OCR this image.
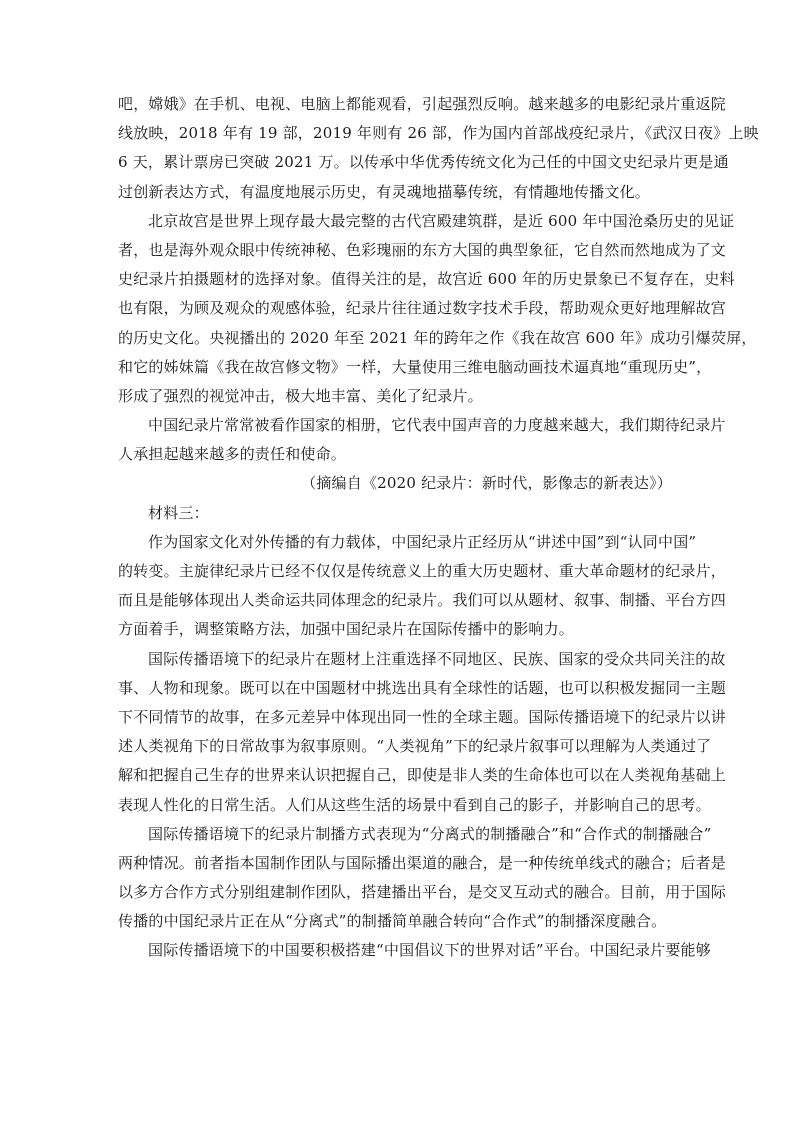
吧，嫦娥》在手机、电视、电脑上都能观看，引起强烈反响。越来越多的电影纪录片重返院

线放映，2018 年有 19 部，2019 年则有 26 部，作为国内首部战疫纪录片，《武汉日夜》上映

6 天，累计票房已突破 2021 万。以传承中华优秀传统文化为己任的中国文史纪录片更是通

过创新表达方式，有温度地展示历史，有灵魂地描摹传统，有情趣地传播文化。

北京故宫是世界上现存最大最完整的古代宫殿建筑群，是近 600 年中国沧桑历史的见证

者，也是海外观众眼中传统神秘、色彩瑰丽的东方大国的典型象征，它自然而然地成为了文

史纪录片拍摄题材的选择对象。值得关注的是，故宫近 600 年的历史景象已不复存在，史料

也有限，为顾及观众的观感体验，纪录片往往通过数字技术手段，帮助观众更好地理解故宫

的历史文化。央视播出的 2020 年至 2021 年的跨年之作《我在故宫 600 年》成功引爆荧屏，

和它的姊妹篇《我在故宫修文物》一样，大量使用三维电脑动画技术逼真地“重现历史”，

形成了强烈的视觉冲击，极大地丰富、美化了纪录片。

中国纪录片常常被看作国家的相册，它代表中国声音的力度越来越大，我们期待纪录片

人承担起越来越多的责任和使命。

（摘编自《2020 纪录片：新时代，影像志的新表达》）

材料三：

作为国家文化对外传播的有力载体，中国纪录片正经历从“讲述中国”到“认同中国”

的转变。主旋律纪录片已经不仅仅是传统意义上的重大历史题材、重大革命题材的纪录片，

而且是能够体现出人类命运共同体理念的纪录片。我们可以从题材、叙事、制播、平台方四

方面着手，调整策略方法，加强中国纪录片在国际传播中的影响力。

国际传播语境下的纪录片在题材上注重选择不同地区、民族、国家的受众共同关注的故

事、人物和现象。既可以在中国题材中挑选出具有全球性的话题，也可以积极发掘同一主题

下不同情节的故事，在多元差异中体现出同一性的全球主题。国际传播语境下的纪录片以讲

述人类视角下的日常故事为叙事原则。“人类视角”下的纪录片叙事可以理解为人类通过了

解和把握自己生存的世界来认识把握自己，即使是非人类的生命体也可以在人类视角基础上

表现人性化的日常生活。人们从这些生活的场景中看到自己的影子，并影响自己的思考。

国际传播语境下的纪录片制播方式表现为“分离式的制播融合”和“合作式的制播融合”

两种情况。前者指本国制作团队与国际播出渠道的融合，是一种传统单线式的融合；后者是

以多方合作方式分别组建制作团队，搭建播出平台，是交叉互动式的融合。目前，用于国际

传播的中国纪录片正在从“分离式”的制播简单融合转向“合作式”的制播深度融合。

国际传播语境下的中国要积极搭建“中国倡议下的世界对话”平台。中国纪录片要能够
